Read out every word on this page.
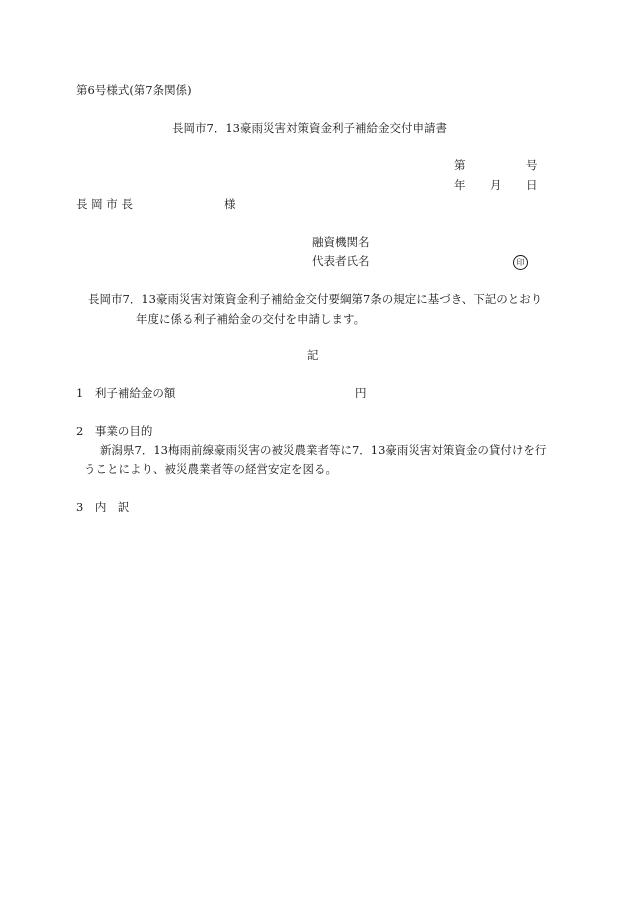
第6号様式(第7条関係)
長岡市7．13豪雨災害対策資金利子補給金交付申請書
第	号
年 月 日
長 岡 市 長	様
融資機関名
代表者氏名	印
長岡市7．13豪雨災害対策資金利子補給金交付要綱第7条の規定に基づき、下記のとおり
年度に係る利子補給金の交付を申請します。
記
1　利子補給金の額	円
2　事業の目的
新潟県7．13梅雨前線豪雨災害の被災農業者等に7．13豪雨災害対策資金の貸付けを行
うことにより、被災農業者等の経営安定を図る。
3　内　訳
